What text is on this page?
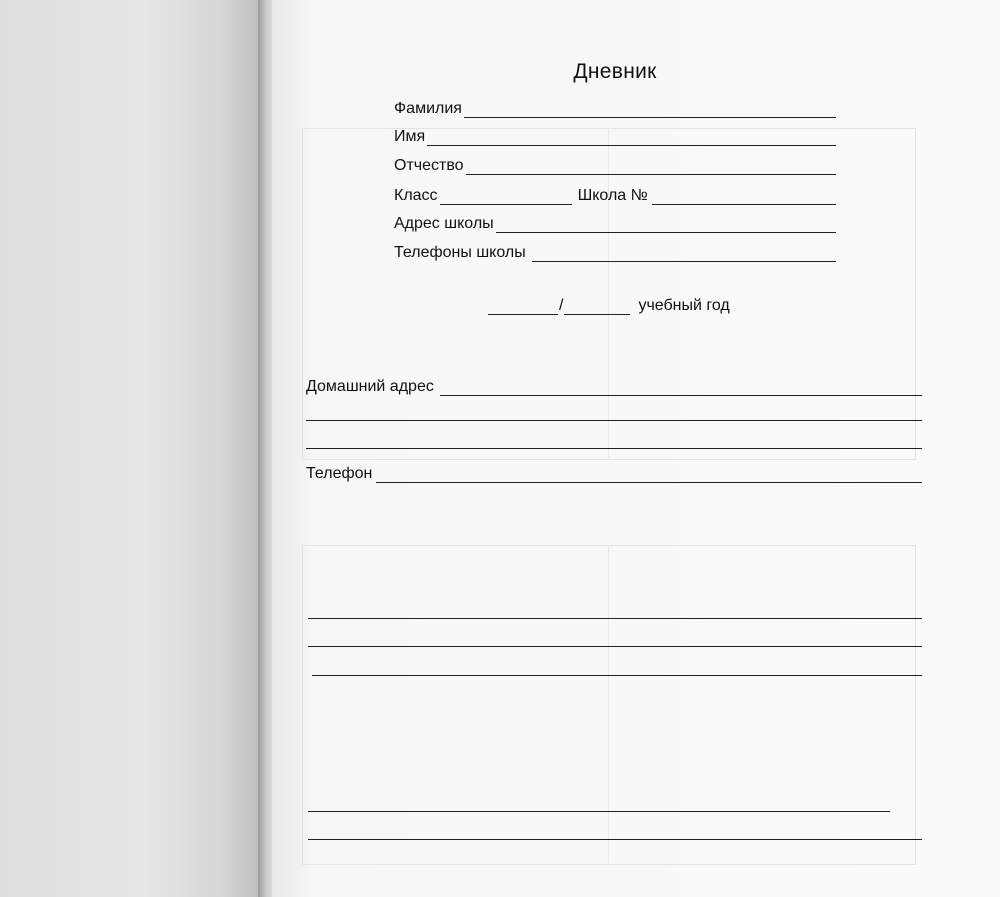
Дневник
Фамилия
Имя
Отчество
Класс	Школа №
Адрес школы
Телефоны школы
/	учебный год
Домашний адрес
Телефон
